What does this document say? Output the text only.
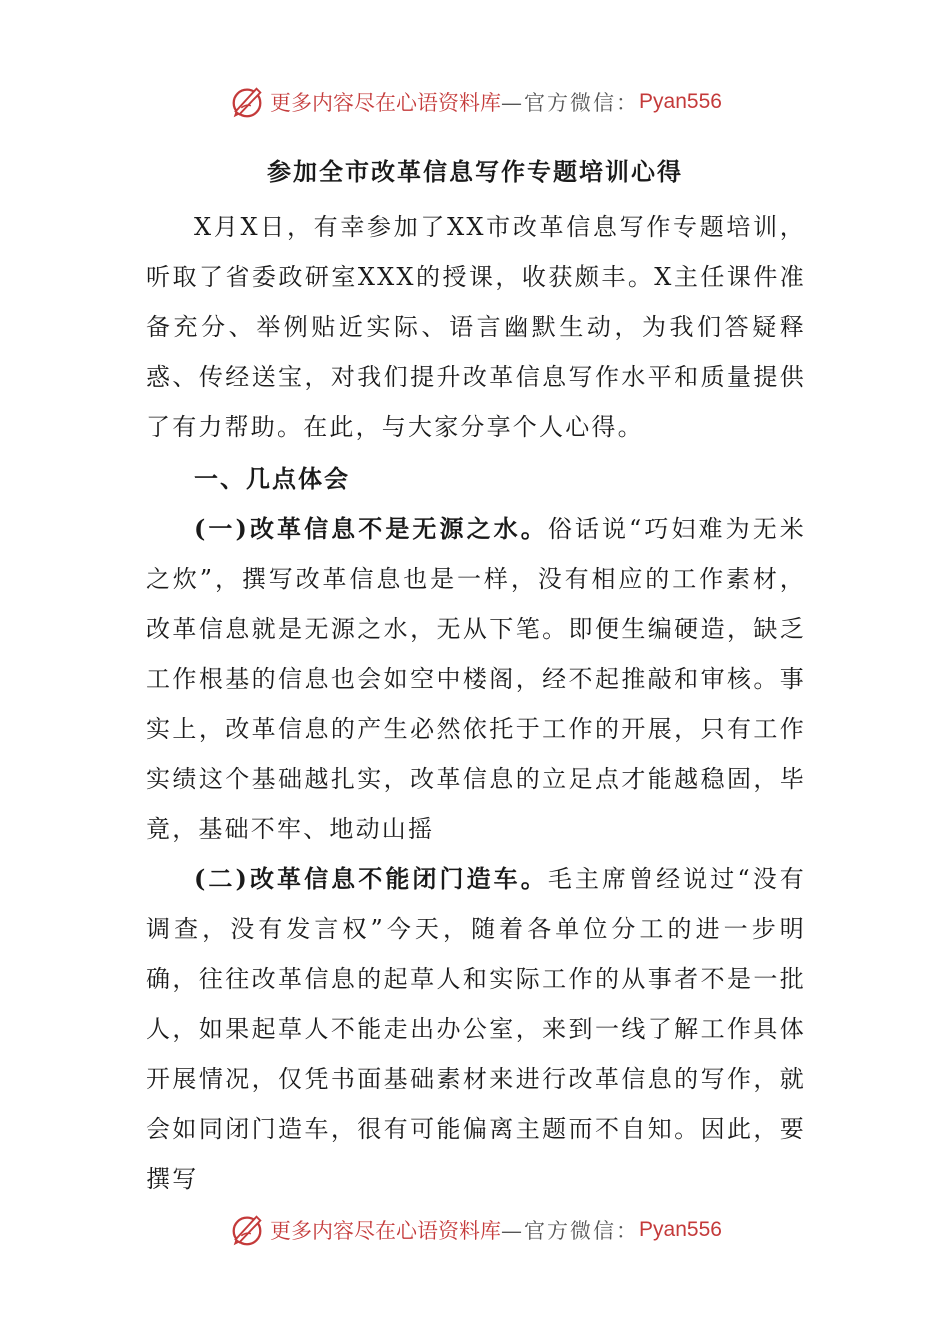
更多内容尽在心语资料库 —官方微信： Pyan556
参加全市改革信息写作专题培训心得

X月X日，有幸参加了XX市改革信息写作专题培训，听取了省委政研室XXX的授课，收获颇丰。X主任课件准备充分、举例贴近实际、语言幽默生动，为我们答疑释惑、传经送宝，对我们提升改革信息写作水平和质量提供了有力帮助。在此，与大家分享个人心得。

一、几点体会

(一)改革信息不是无源之水。俗话说“巧妇难为无米之炊”，撰写改革信息也是一样，没有相应的工作素材，改革信息就是无源之水，无从下笔。即便生编硬造，缺乏工作根基的信息也会如空中楼阁，经不起推敲和审核。事实上，改革信息的产生必然依托于工作的开展，只有工作实绩这个基础越扎实，改革信息的立足点才能越稳固，毕竟，基础不牢、地动山摇

(二)改革信息不能闭门造车。毛主席曾经说过“没有调查，没有发言权”今天，随着各单位分工的进一步明确，往往改革信息的起草人和实际工作的从事者不是一批人，如果起草人不能走出办公室，来到一线了解工作具体开展情况，仅凭书面基础素材来进行改革信息的写作，就会如同闭门造车，很有可能偏离主题而不自知。因此，要撰写

更多内容尽在心语资料库 —官方微信： Pyan556
